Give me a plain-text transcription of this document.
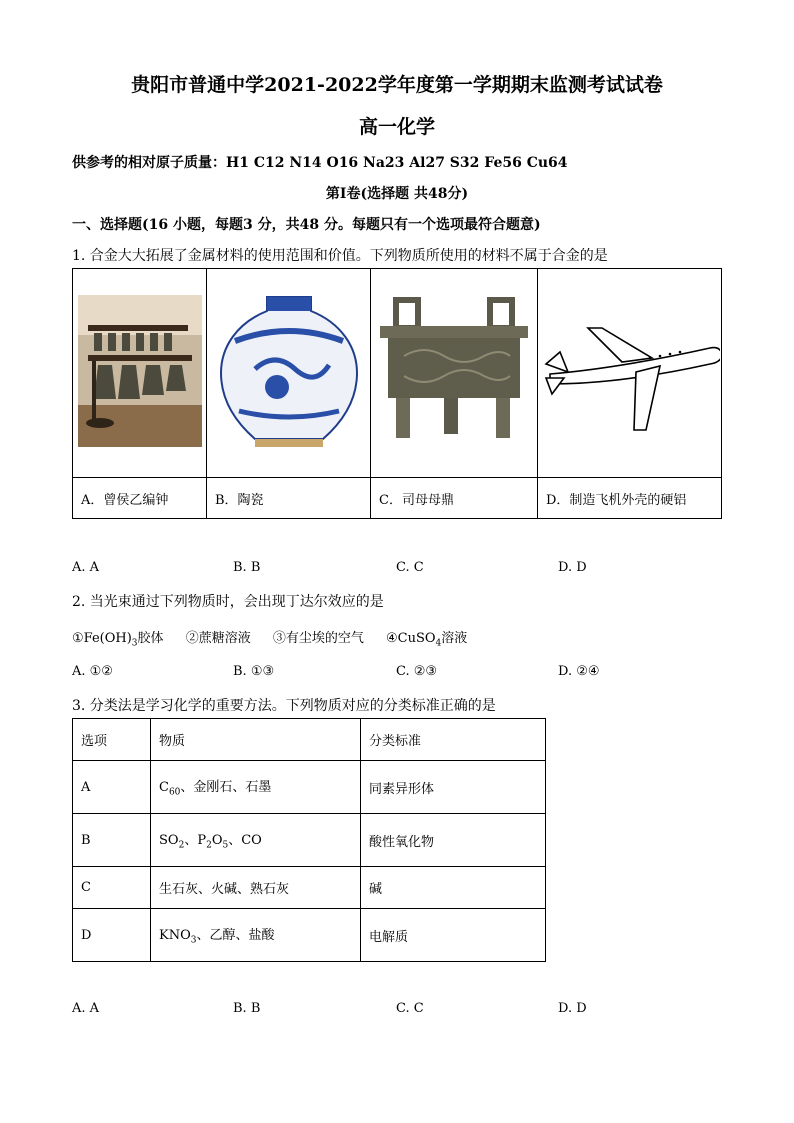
贵阳市普通中学2021-2022学年度第一学期期末监测考试试卷
高一化学
供参考的相对原子质量：H1 C12 N14 O16 Na23 Al27 S32 Fe56 Cu64
第Ⅰ卷(选择题 共48分)
一、选择题(16 小题，每题3 分，共48 分。每题只有一个选项最符合题意)
1. 合金大大拓展了金属材料的使用范围和价值。下列物质所使用的材料不属于合金的是

A．曾侯乙编钟	B．陶瓷	C．司母母鼎	D．制造飞机外壳的硬铝
A. A	B. B	C. C	D. D
2. 当光束通过下列物质时，会出现丁达尔效应的是
$①Fe(OH)_3$胶体 ②蔗糖溶液 ③有尘埃的空气 ④CuSO$_4$溶液
A. ①②	B. ①③	C. ②③	D. ②④
3. 分类法是学习化学的重要方法。下列物质对应的分类标准正确的是
选项	物质	分类标准
A	$C_{60}$、金刚石、石墨	同素异形体
B	$SO_2$、$P_2O_5$、CO	酸性氧化物
C	生石灰、火碱、熟石灰	碱
D	$KNO_3$、乙醇、盐酸	电解质
A. A	B. B	C. C	D. D
